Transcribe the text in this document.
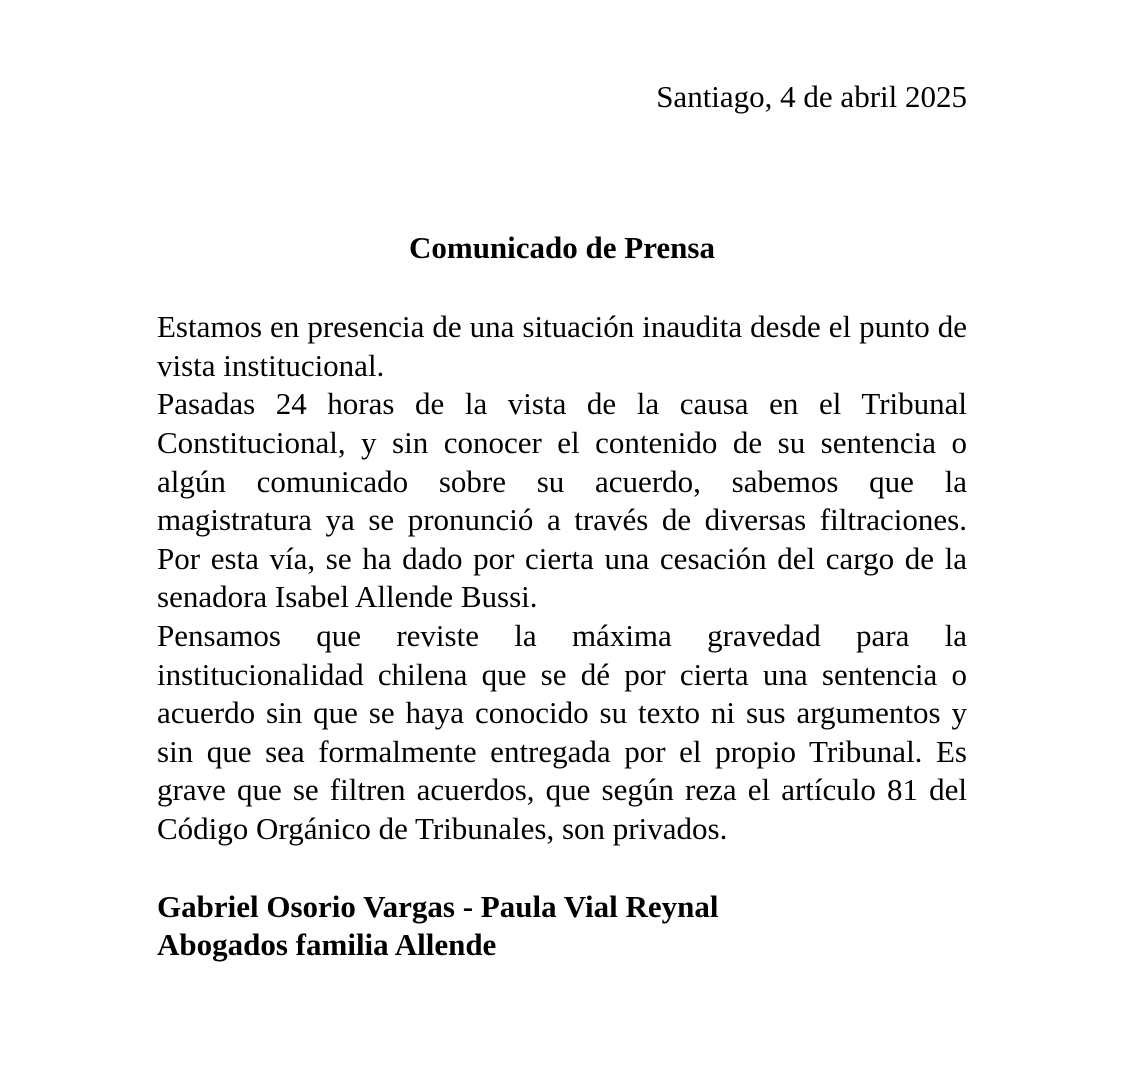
Santiago, 4 de abril 2025
Comunicado de Prensa

Estamos en presencia de una situación inaudita desde el punto de vista institucional.

Pasadas 24 horas de la vista de la causa en el Tribunal Constitucional, y sin conocer el contenido de su sentencia o algún comunicado sobre su acuerdo, sabemos que la magistratura ya se pronunció a través de diversas filtraciones. Por esta vía, se ha dado por cierta una cesación del cargo de la senadora Isabel Allende Bussi.

Pensamos que reviste la máxima gravedad para la institucionalidad chilena que se dé por cierta una sentencia o acuerdo sin que se haya conocido su texto ni sus argumentos y sin que sea formalmente entregada por el propio Tribunal. Es grave que se filtren acuerdos, que según reza el artículo 81 del Código Orgánico de Tribunales, son privados.

Gabriel Osorio Vargas - Paula Vial Reynal
Abogados familia Allende
